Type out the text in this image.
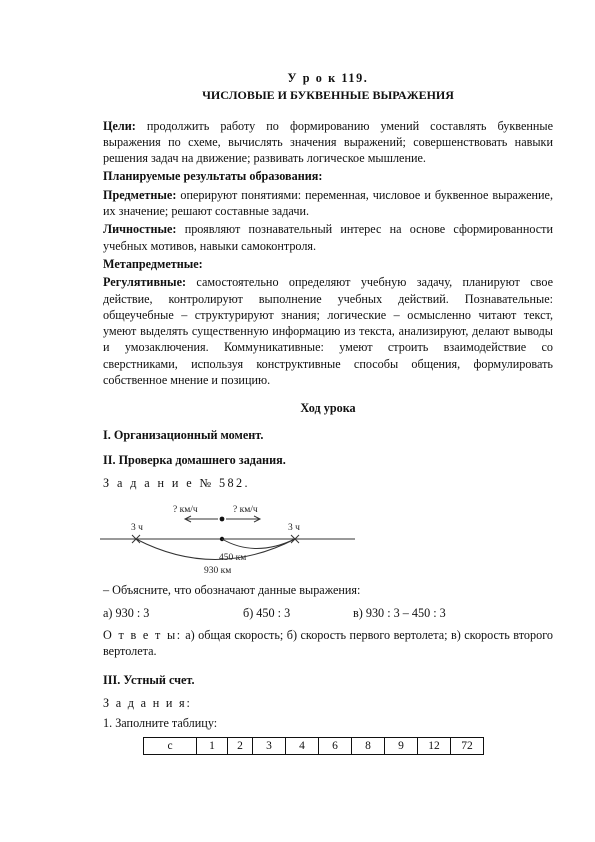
У р о к 119.

ЧИСЛОВЫЕ И БУКВЕННЫЕ ВЫРАЖЕНИЯ

Цели: продолжить работу по формированию умений составлять буквенные выражения по схеме, вычислять значения выражений; совершенствовать навыки решения задач на движение; развивать логическое мышление.

Планируемые результаты образования:

Предметные: оперируют понятиями: переменная, числовое и буквенное выражение, их значение; решают составные задачи.

Личностные: проявляют познавательный интерес на основе сформированности учебных мотивов, навыки самоконтроля.

Метапредметные:

Регулятивные: самостоятельно определяют учебную задачу, планируют свое действие, контролируют выполнение учебных действий. Познавательные: общеучебные – структурируют знания; логические – осмысленно читают текст, умеют выделять существенную информацию из текста, анализируют, делают выводы и умозаключения. Коммуникативные: умеют строить взаимодействие со сверстниками, используя конструктивные способы общения, формулировать собственное мнение и позицию.

Ход урока

I. Организационный момент.

II. Проверка домашнего задания.

З а д а н и е № 582.

? км/ч	? км/ч
3 ч	3 ч
450 км
930 км

– Объясните, что обозначают данные выражения:

а) 930 : 3	б) 450 : 3	в) 930 : 3 – 450 : 3

О т в е т ы: а) общая скорость; б) скорость первого вертолета; в) скорость второго вертолета.

III. Устный счет.

З а д а н и я:

1. Заполните таблицу:

c	1	2	3	4	6	8	9	12	72
